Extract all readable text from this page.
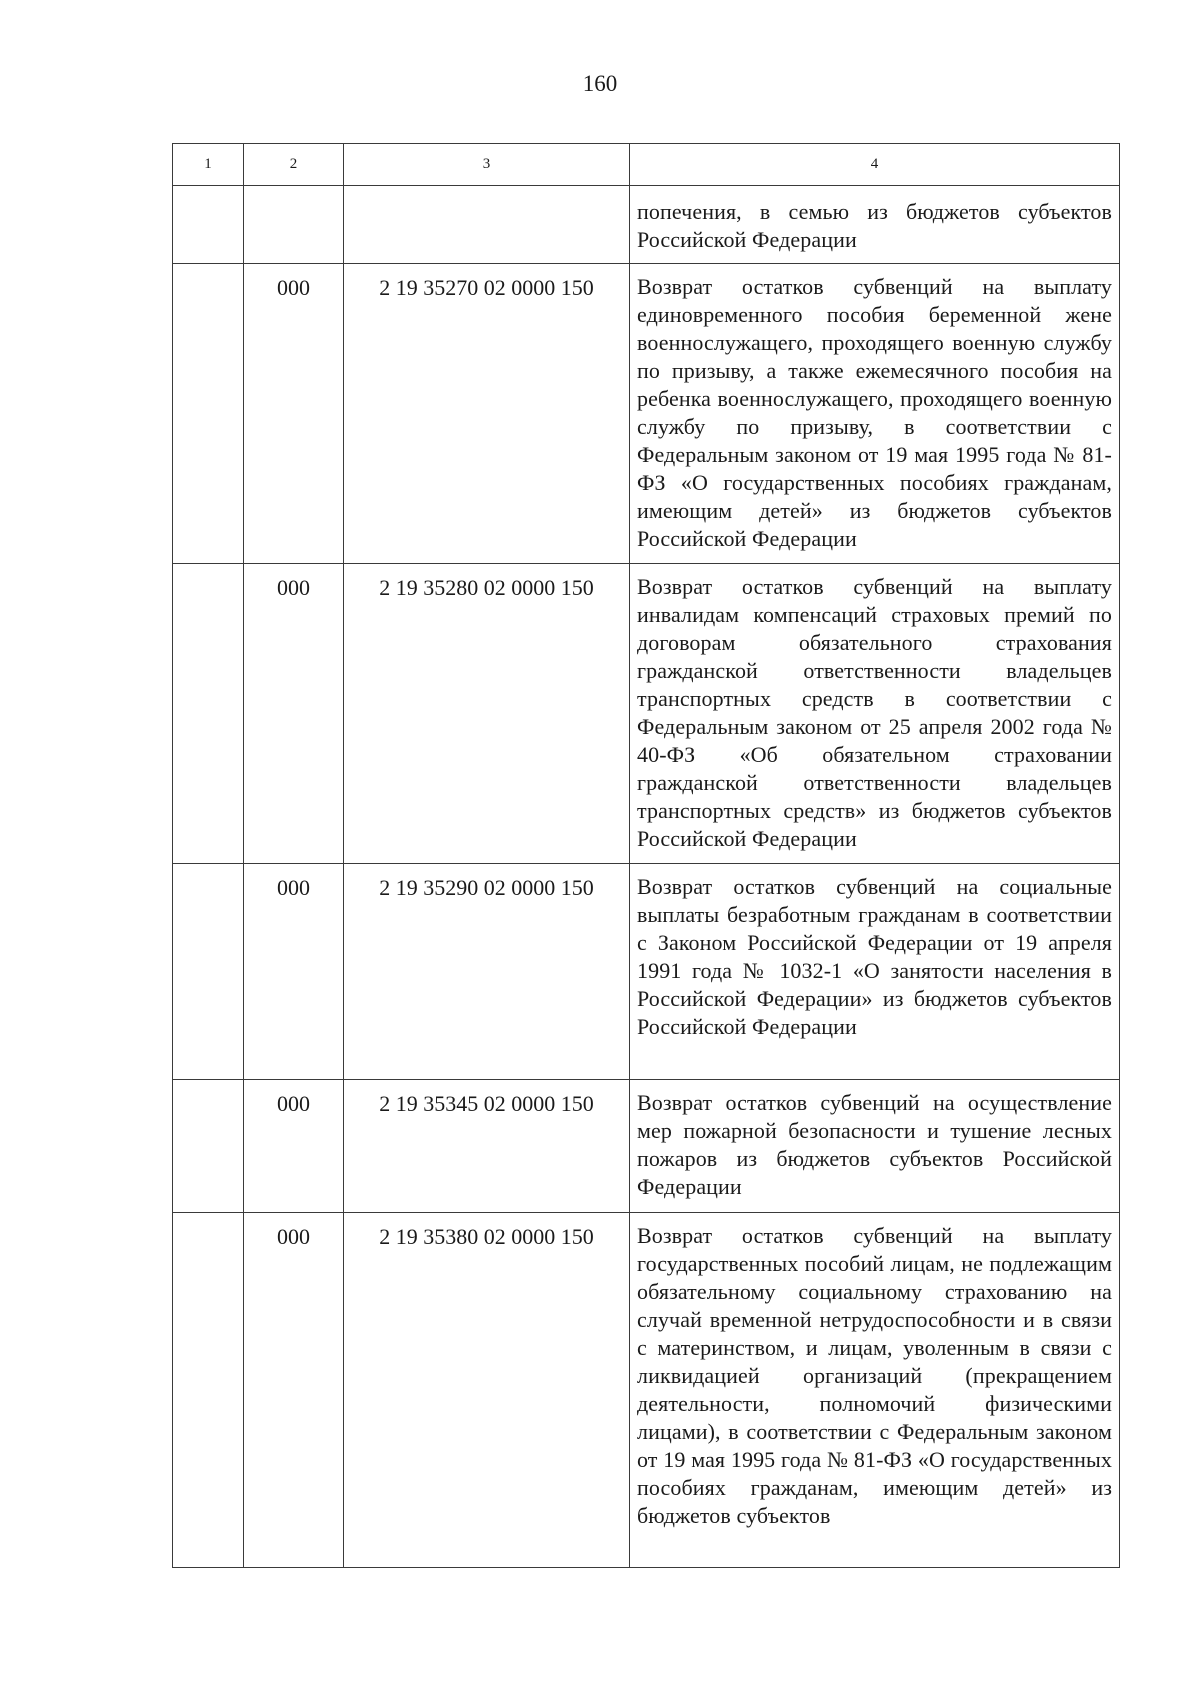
160
1	2	3	4
			попечения, в семью из бюджетов субъектов Российской Федерации
	000	2 19 35270 02 0000 150	Возврат остатков субвенций на выплату единовременного пособия беременной жене военнослужащего, проходящего военную службу по призыву, а также ежемесячного пособия на ребенка военнослужащего, проходящего военную службу по призыву, в соответствии с Федеральным законом от 19 мая 1995 года № 81-ФЗ «О государственных пособиях гражданам, имеющим детей» из бюджетов субъектов Российской Федерации
	000	2 19 35280 02 0000 150	Возврат остатков субвенций на выплату инвалидам компенсаций страховых премий по договорам обязательного страхования гражданской ответственности владельцев транспортных средств в соответствии с Федеральным законом от 25 апреля 2002 года № 40-ФЗ «Об обязательном страховании гражданской ответственности владельцев транспортных средств» из бюджетов субъектов Российской Федерации
	000	2 19 35290 02 0000 150	Возврат остатков субвенций на социальные выплаты безработным гражданам в соответствии с Законом Российской Федерации от 19 апреля 1991 года № 1032-1 «О занятости населения в Российской Федерации» из бюджетов субъектов Российской Федерации
	000	2 19 35345 02 0000 150	Возврат остатков субвенций на осуществление мер пожарной безопасности и тушение лесных пожаров из бюджетов субъектов Российской Федерации
	000	2 19 35380 02 0000 150	Возврат остатков субвенций на выплату государственных пособий лицам, не подлежащим обязательному социальному страхованию на случай временной нетрудоспособности и в связи с материнством, и лицам, уволенным в связи с ликвидацией организаций (прекращением деятельности, полномочий физическими лицами), в соответствии с Федеральным законом от 19 мая 1995 года № 81-ФЗ «О государственных пособиях гражданам, имеющим детей» из бюджетов субъектов
